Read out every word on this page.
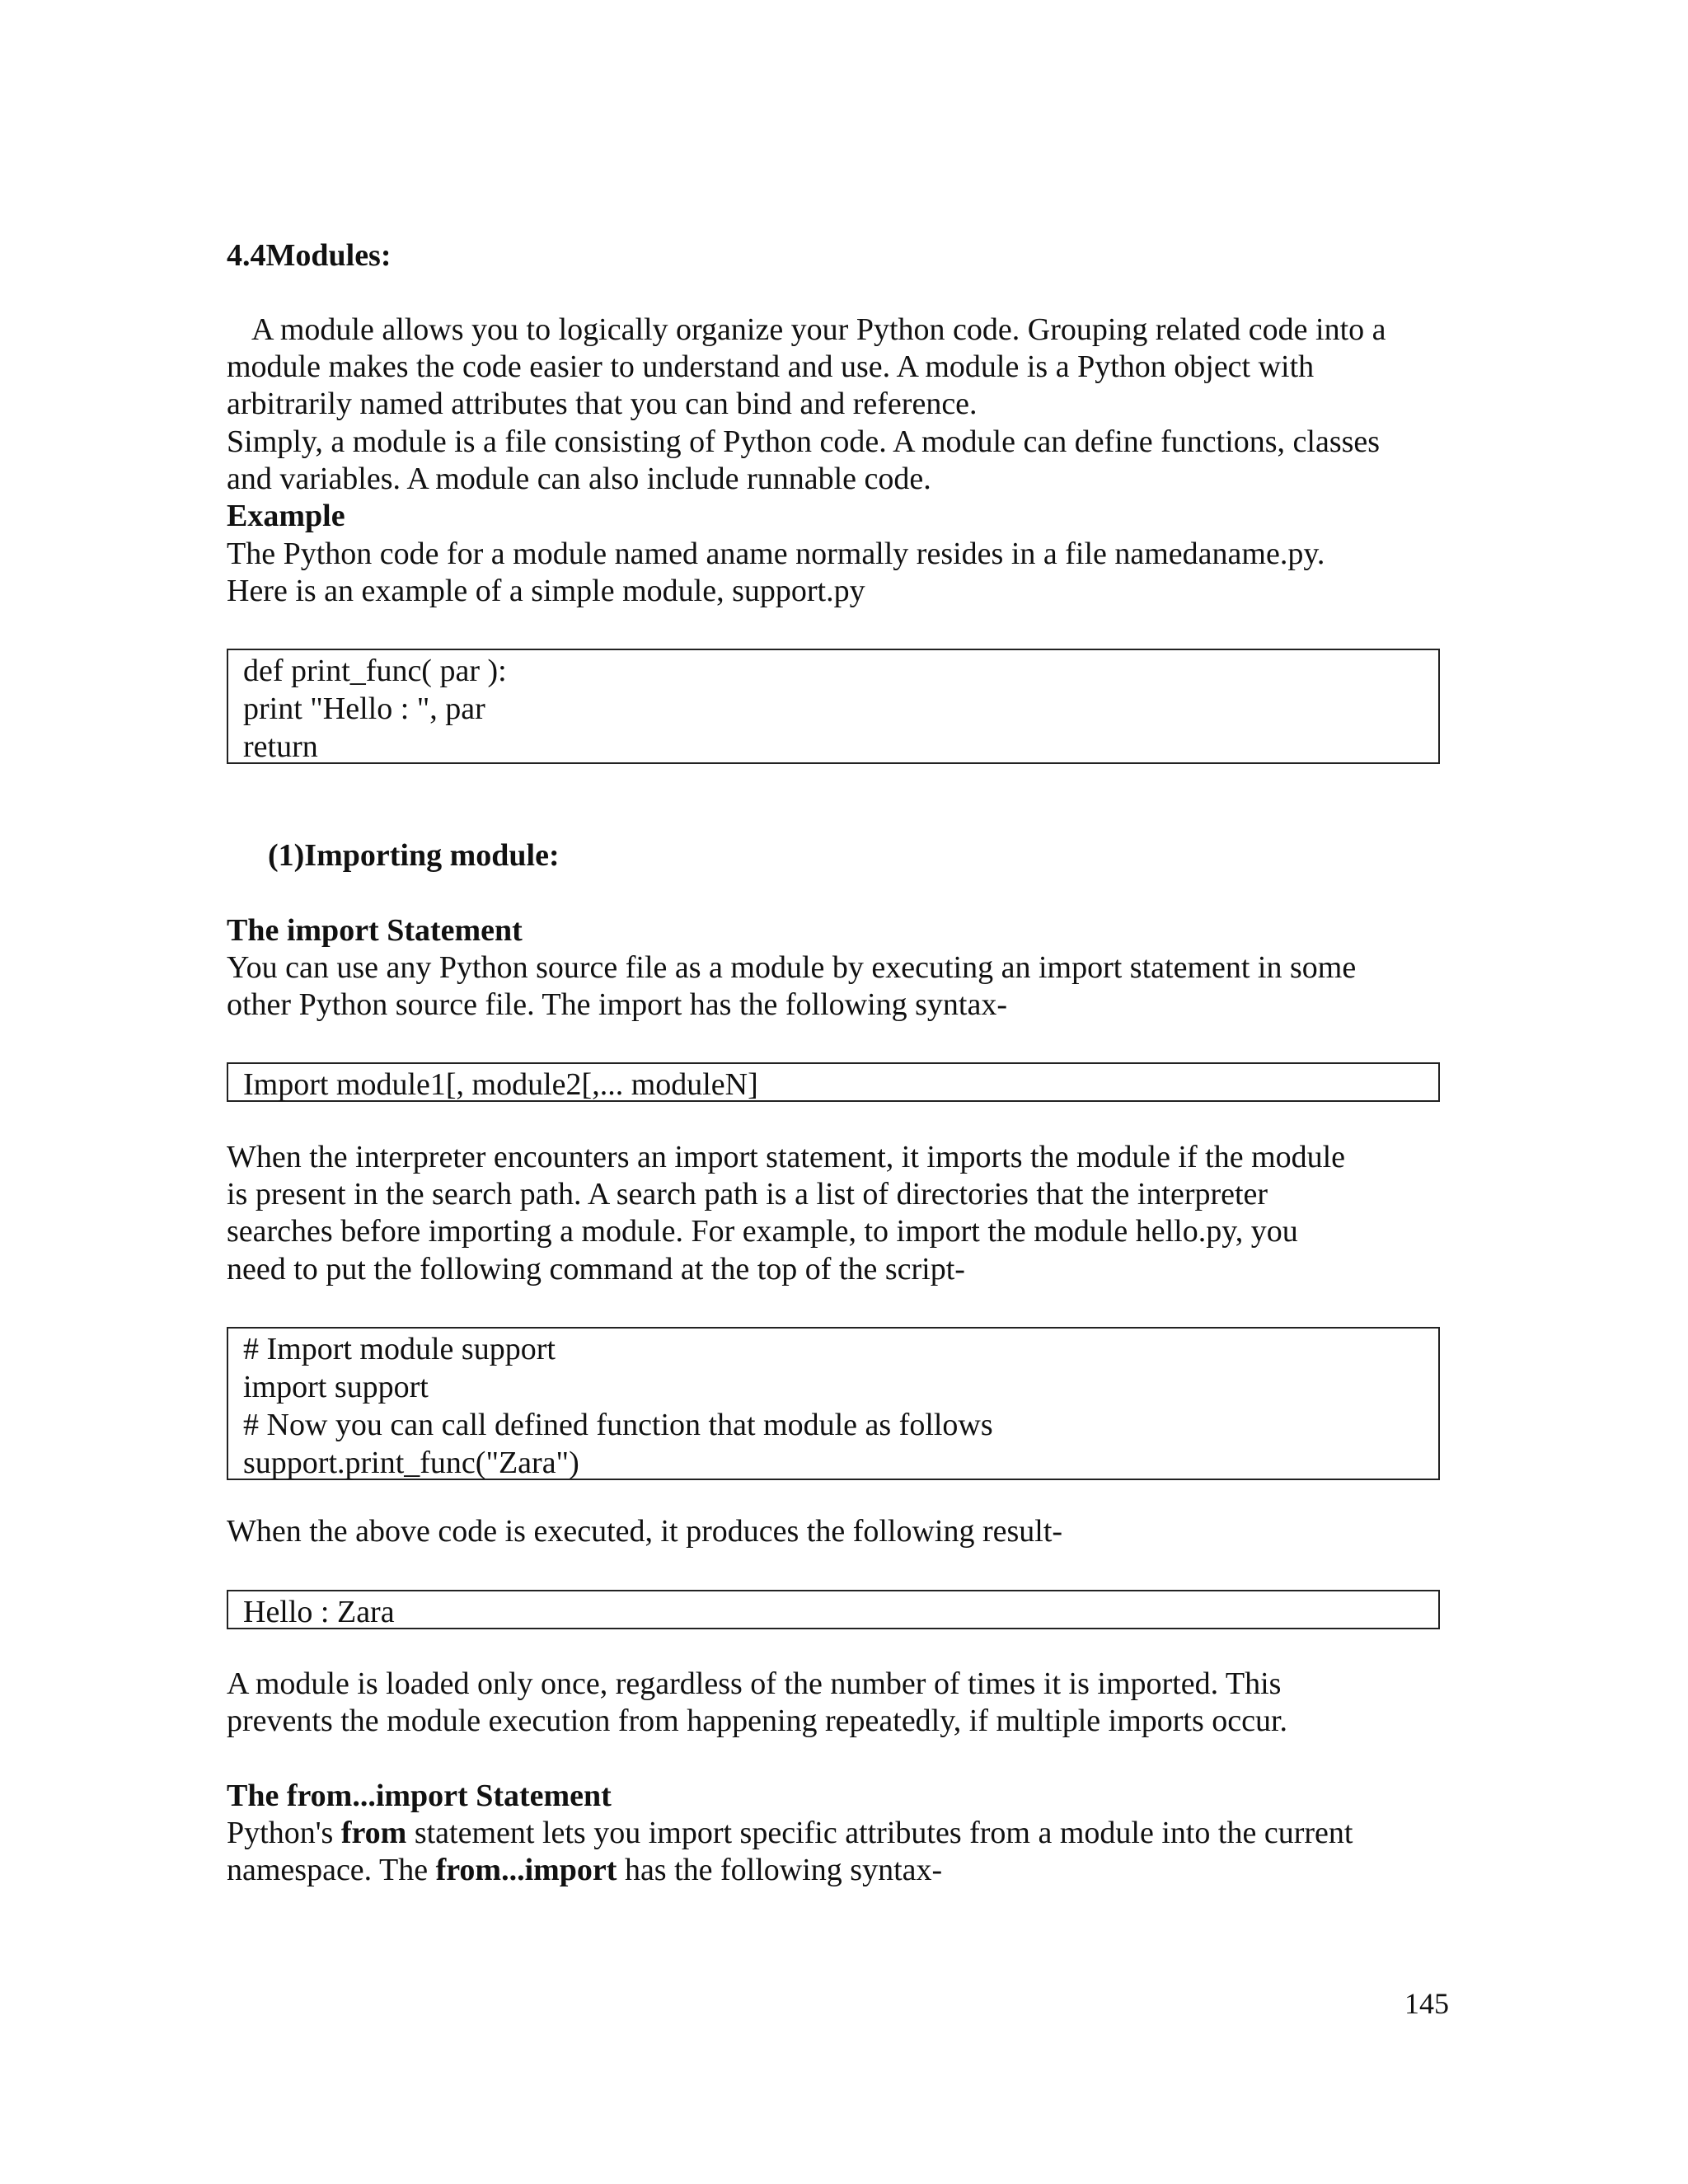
4.4Modules:
A module allows you to logically organize your Python code. Grouping related code into a
module makes the code easier to understand and use. A module is a Python object with
arbitrarily named attributes that you can bind and reference.
Simply, a module is a file consisting of Python code. A module can define functions, classes
and variables. A module can also include runnable code.
Example
The Python code for a module named aname normally resides in a file namedaname.py.
Here is an example of a simple module, support.py
def print_func( par ):
print "Hello : ", par
return
(1)Importing module:
The import Statement
You can use any Python source file as a module by executing an import statement in some
other Python source file. The import has the following syntax-
Import module1[, module2[,... moduleN]
When the interpreter encounters an import statement, it imports the module if the module
is present in the search path. A search path is a list of directories that the interpreter
searches before importing a module. For example, to import the module hello.py, you
need to put the following command at the top of the script-
# Import module support
import support
# Now you can call defined function that module as follows
support.print_func("Zara")
When the above code is executed, it produces the following result-
Hello : Zara
A module is loaded only once, regardless of the number of times it is imported. This
prevents the module execution from happening repeatedly, if multiple imports occur.
The from...import Statement
Python's from statement lets you import specific attributes from a module into the current
namespace. The from...import has the following syntax-
145
